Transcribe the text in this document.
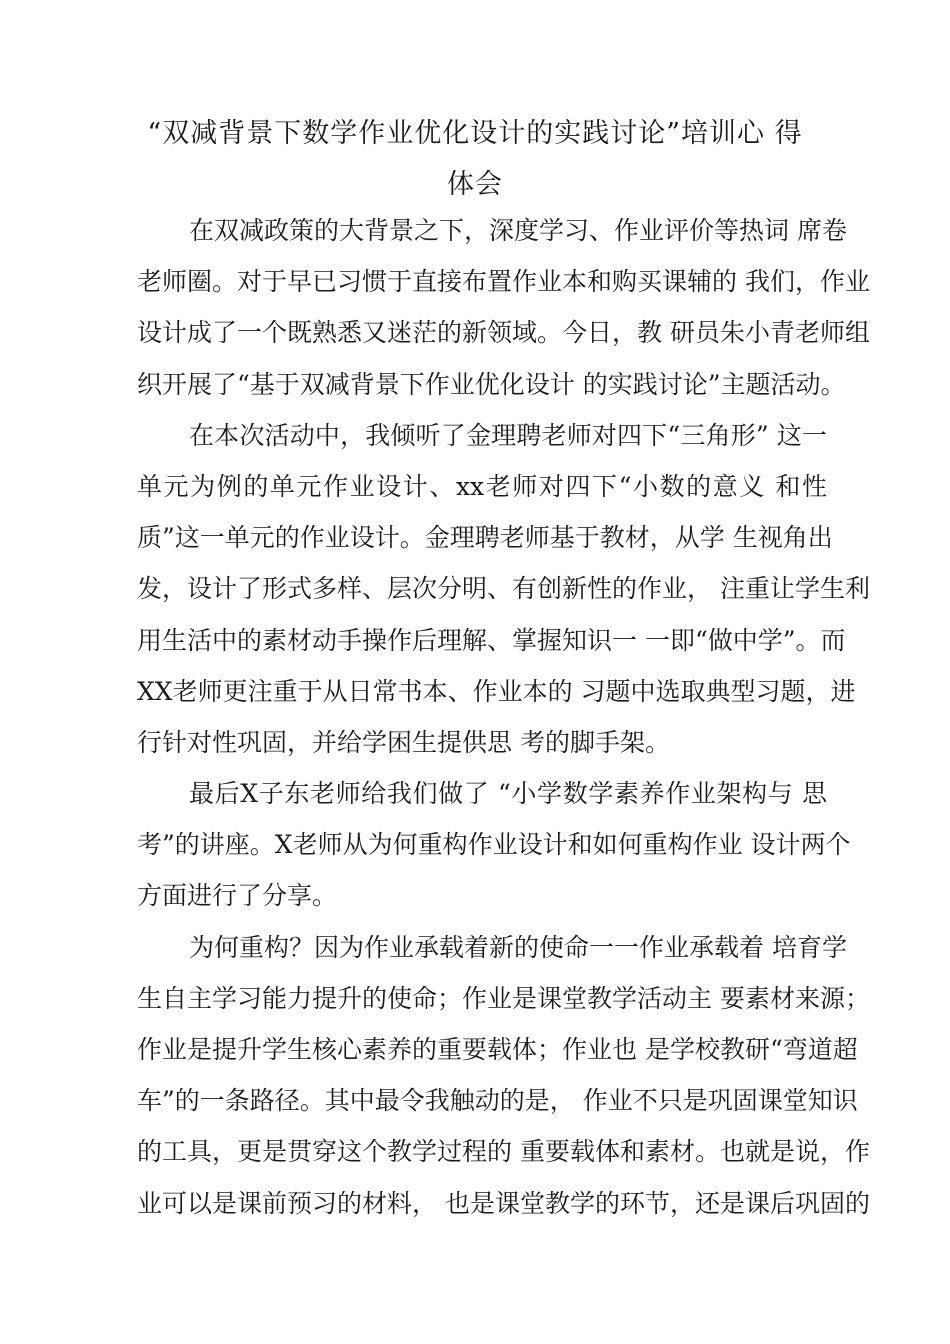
“双减背景下数学作业优化设计的实践讨论”培训心 得
体会

在双减政策的大背景之下，深度学习、作业评价等热词 席卷
老师圈。对于早已习惯于直接布置作业本和购买课辅的 我们，作业
设计成了一个既熟悉又迷茫的新领域。今日，教 研员朱小青老师组
织开展了“基于双减背景下作业优化设计 的实践讨论”主题活动。

在本次活动中，我倾听了金理聘老师对四下“三角形” 这一
单元为例的单元作业设计、xx老师对四下“小数的意义 和性
质”这一单元的作业设计。金理聘老师基于教材，从学 生视角出
发，设计了形式多样、层次分明、有创新性的作业， 注重让学生利
用生活中的素材动手操作后理解、掌握知识一 一即“做中学”。而
XX老师更注重于从日常书本、作业本的 习题中选取典型习题，进
行针对性巩固，并给学困生提供思 考的脚手架。

最后X子东老师给我们做了 “小学数学素养作业架构与 思
考”的讲座。X老师从为何重构作业设计和如何重构作业 设计两个
方面进行了分享。

为何重构？因为作业承载着新的使命一一作业承载着 培育学
生自主学习能力提升的使命；作业是课堂教学活动主 要素材来源；
作业是提升学生核心素养的重要载体；作业也 是学校教研“弯道超
车”的一条路径。其中最令我触动的是， 作业不只是巩固课堂知识
的工具，更是贯穿这个教学过程的 重要载体和素材。也就是说，作
业可以是课前预习的材料， 也是课堂教学的环节，还是课后巩固的
